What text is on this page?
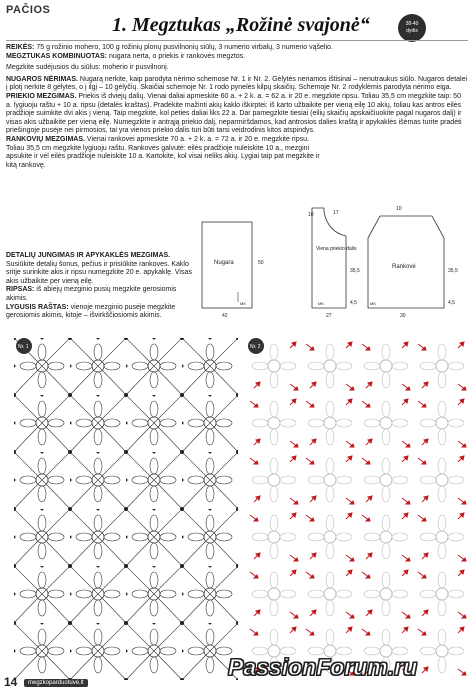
PAČIOS
1. Megztukas „Rožinė svajonė“	38-40
dydis

REIKĖS: 75 g rožinio mohero, 100 g rožinių plonų pusvilnonių siūlų, 3 numerio virbalų, 3 numerio vąšelio.

MEGZTUKAS KOMBINUOTAS: nugara nerta, o priekis ir rankovės megztos.

Megzkite sudėjusios du siūlus: moherio ir pusvilnonį.

NUGAROS NĖRIMAS. Nugarą nerkite, kaip parodyta nėrimo schemose Nr. 1 ir Nr. 2. Gėlytės neriamos ištisinai – nenutraukus siūlo. Nugaros detalei į plotį nerkite 8 gėlytes, o į ilgį – 10 gėlyčių. Skaičiai schemoje Nr. 1 rodo pynelės kilpų skaičių. Schemoje Nr. 2 rodyklėmis parodyta nėrimo eiga.

PRIEKIO MEZGIMAS. Priekis iš dviejų dalių. Vienai daliai apmeskite 60 a. + 2 k. a. = 62 a. ir 20 e. megzkite ripsu. Toliau 35,5 cm megzkite taip: 50 a. lygiuoju raštu + 10 a. ripsu (detalės kraštas). Pradėkite mažinti akių kaklo iškirptei: iš karto užbaikite per vieną eilę 10 akių, toliau kas antros eilės pradžioje suimkite dvi akis į vieną. Taip megzkite, kol peties daliai liks 22 a. Dar pamegzkite tiesiai (eilių skaičių apskaičiuokite pagal nugaros dalį) ir visas akis užbaikite per vieną eilę. Numegzkite ir antrąją priekio dalį, neparmiršdamos, kad antrosios dalies kraštą ir apykaklės išėmas turite pradėti priešingoje pusėje nei pirmosios, tai yra vienos priekio dalis turi būti tarsi veidrodinis kitos atspindys.

RANKOVIŲ MEZGIMAS. Vienai rankovei apmeskite 70 a. + 2 k. a. = 72 a. ir 20 e. megzkite ripsu. Toliau 35,5 cm megzkite lygiuoju raštu. Rankovės galvutė: eilės pradžioje nuleiskite 10 a., mezgini apsukite ir vėl eilės pradžioje nuleiskite 10 a. Kartokite, kol visai neliks akių. Lygiai taip pat megzkite ir kitą rankovę.

DETALIŲ JUNGIMAS IR APYKAKLĖS MEZGIMAS. Susiūkite detalių šonus, pečius ir prisiūkite rankoves. Kaklo sritje surinkite akis ir ripsu numegzkite 20 e. apykaklę. Visas akis užbaikite per vieną eilę.

RIPSAS: iš abiejų mezginio pusių megzkite gerosiomis akimis.

LYGUSIS RAŠTAS: vienoje mezginio pusėje megzkite gerosiomis akimis, kitoje – išvirkščiosiomis akimis.

Nugara	50
MK
42
10	17
Viena priekio dalis
35,5
4,5
MK
27
10
Rankovė
35,5
4,5
MK
30
Nr. 1	Nr. 2
14	megzkoparduotuvė.lt
PassionForum.ru
